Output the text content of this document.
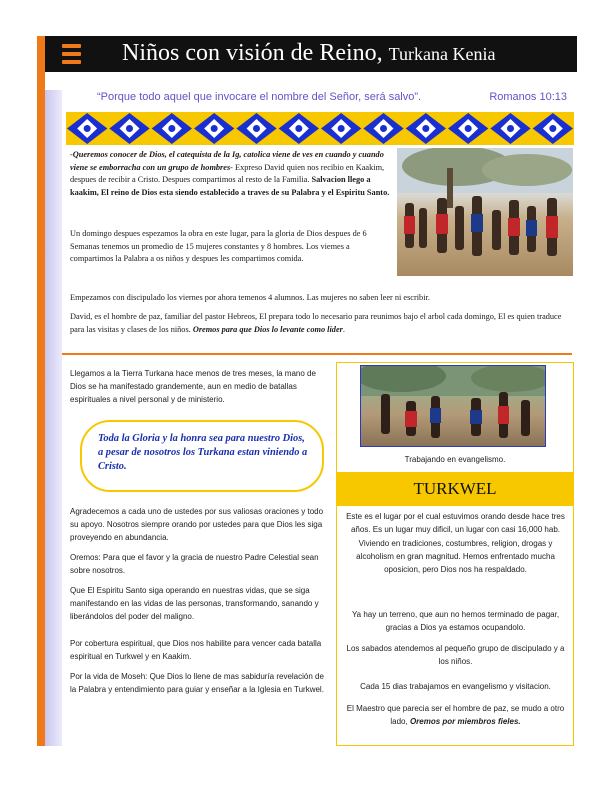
Niños con visión de Reino, Turkana Kenia
“Porque todo aquel que invocare el nombre del Señor, será salvo”.	Romanos 10:13

-Queremos conocer de Dios, el catequista de la Ig, catolica viene de ves en cuando y cuando viene se emborracha con un grupo de hombres- Expreso David quien nos recibio en Kaakim, despues de recibir a Cristo. Despues compartimos al resto de la Familia. Salvacion llego a kaakim, El reino de Dios esta siendo establecido a traves de su Palabra y el Espiritu Santo.

Un domingo despues espezamos la obra en este lugar, para la gloria de Dios despues de 6 Semanas tenemos un promedio de 15 mujeres constantes y 8 hombres. Los viemes a compartimos la Palabra a os niños y despues les compartimos comida.

Empezamos con discipulado los viernes por ahora temenos 4 alumnos. Las mujeres no saben leer ni escribir.

David, es el hombre de paz, familiar del pastor Hebreos, El prepara todo lo necesario para reunimos bajo el arbol cada domingo, El es quien traduce para las visitas y clases de los niños. Oremos para que Dios lo levante como lider.

Llegamos a la Tierra Turkana hace menos de tres meses, la mano de Dios se ha manifestado grandemente, aun en medio de batallas espirituales a nivel personal y de ministerio.

Toda la Gloria y la honra sea para nuestro Dios, a pesar de nosotros los Turkana estan viniendo a Cristo.

Agradecemos a cada uno de ustedes por sus valiosas oraciones y todo su apoyo. Nosotros siempre orando por ustedes para que Dios les siga proveyendo en abundancia.

Oremos: Para que el favor y la gracia de nuestro Padre Celestial sean sobre nosotros.

Que El Espiritu Santo siga operando en nuestras vidas, que se siga manifestando en las vidas de las personas, transformando, sanando y liberándolos del poder del maligno.

Por cobertura espiritual, que Dios nos habilite para vencer cada batalla espiritual en Turkwel y en Kaakim.

Por la vida de Moseh: Que Dios lo llene de mas sabiduría revelación de la Palabra y entendimiento para guiar y enseñar a la Iglesia en Turkwel.

Trabajando en evangelismo.
TURKWEL

Este es el lugar por el cual estuvimos orando desde hace tres años. Es un lugar muy dificil, un lugar con casi 16,000 hab. Viviendo en tradiciones, costumbres, religion, drogas y alcoholism en gran magnitud. Hemos enfrentado mucha oposicion, pero Dios nos ha respaldado.

Ya hay un terreno, que aun no hemos terminado de pagar, gracias a Dios ya estamos ocupandolo.

Los sabados atendemos al pequeño grupo de discipulado y a los niños.

Cada 15 dias trabajamos en evangelismo y visitacion.

El Maestro que parecia ser el hombre de paz, se mudo a otro lado, Oremos por miembros fieles.
